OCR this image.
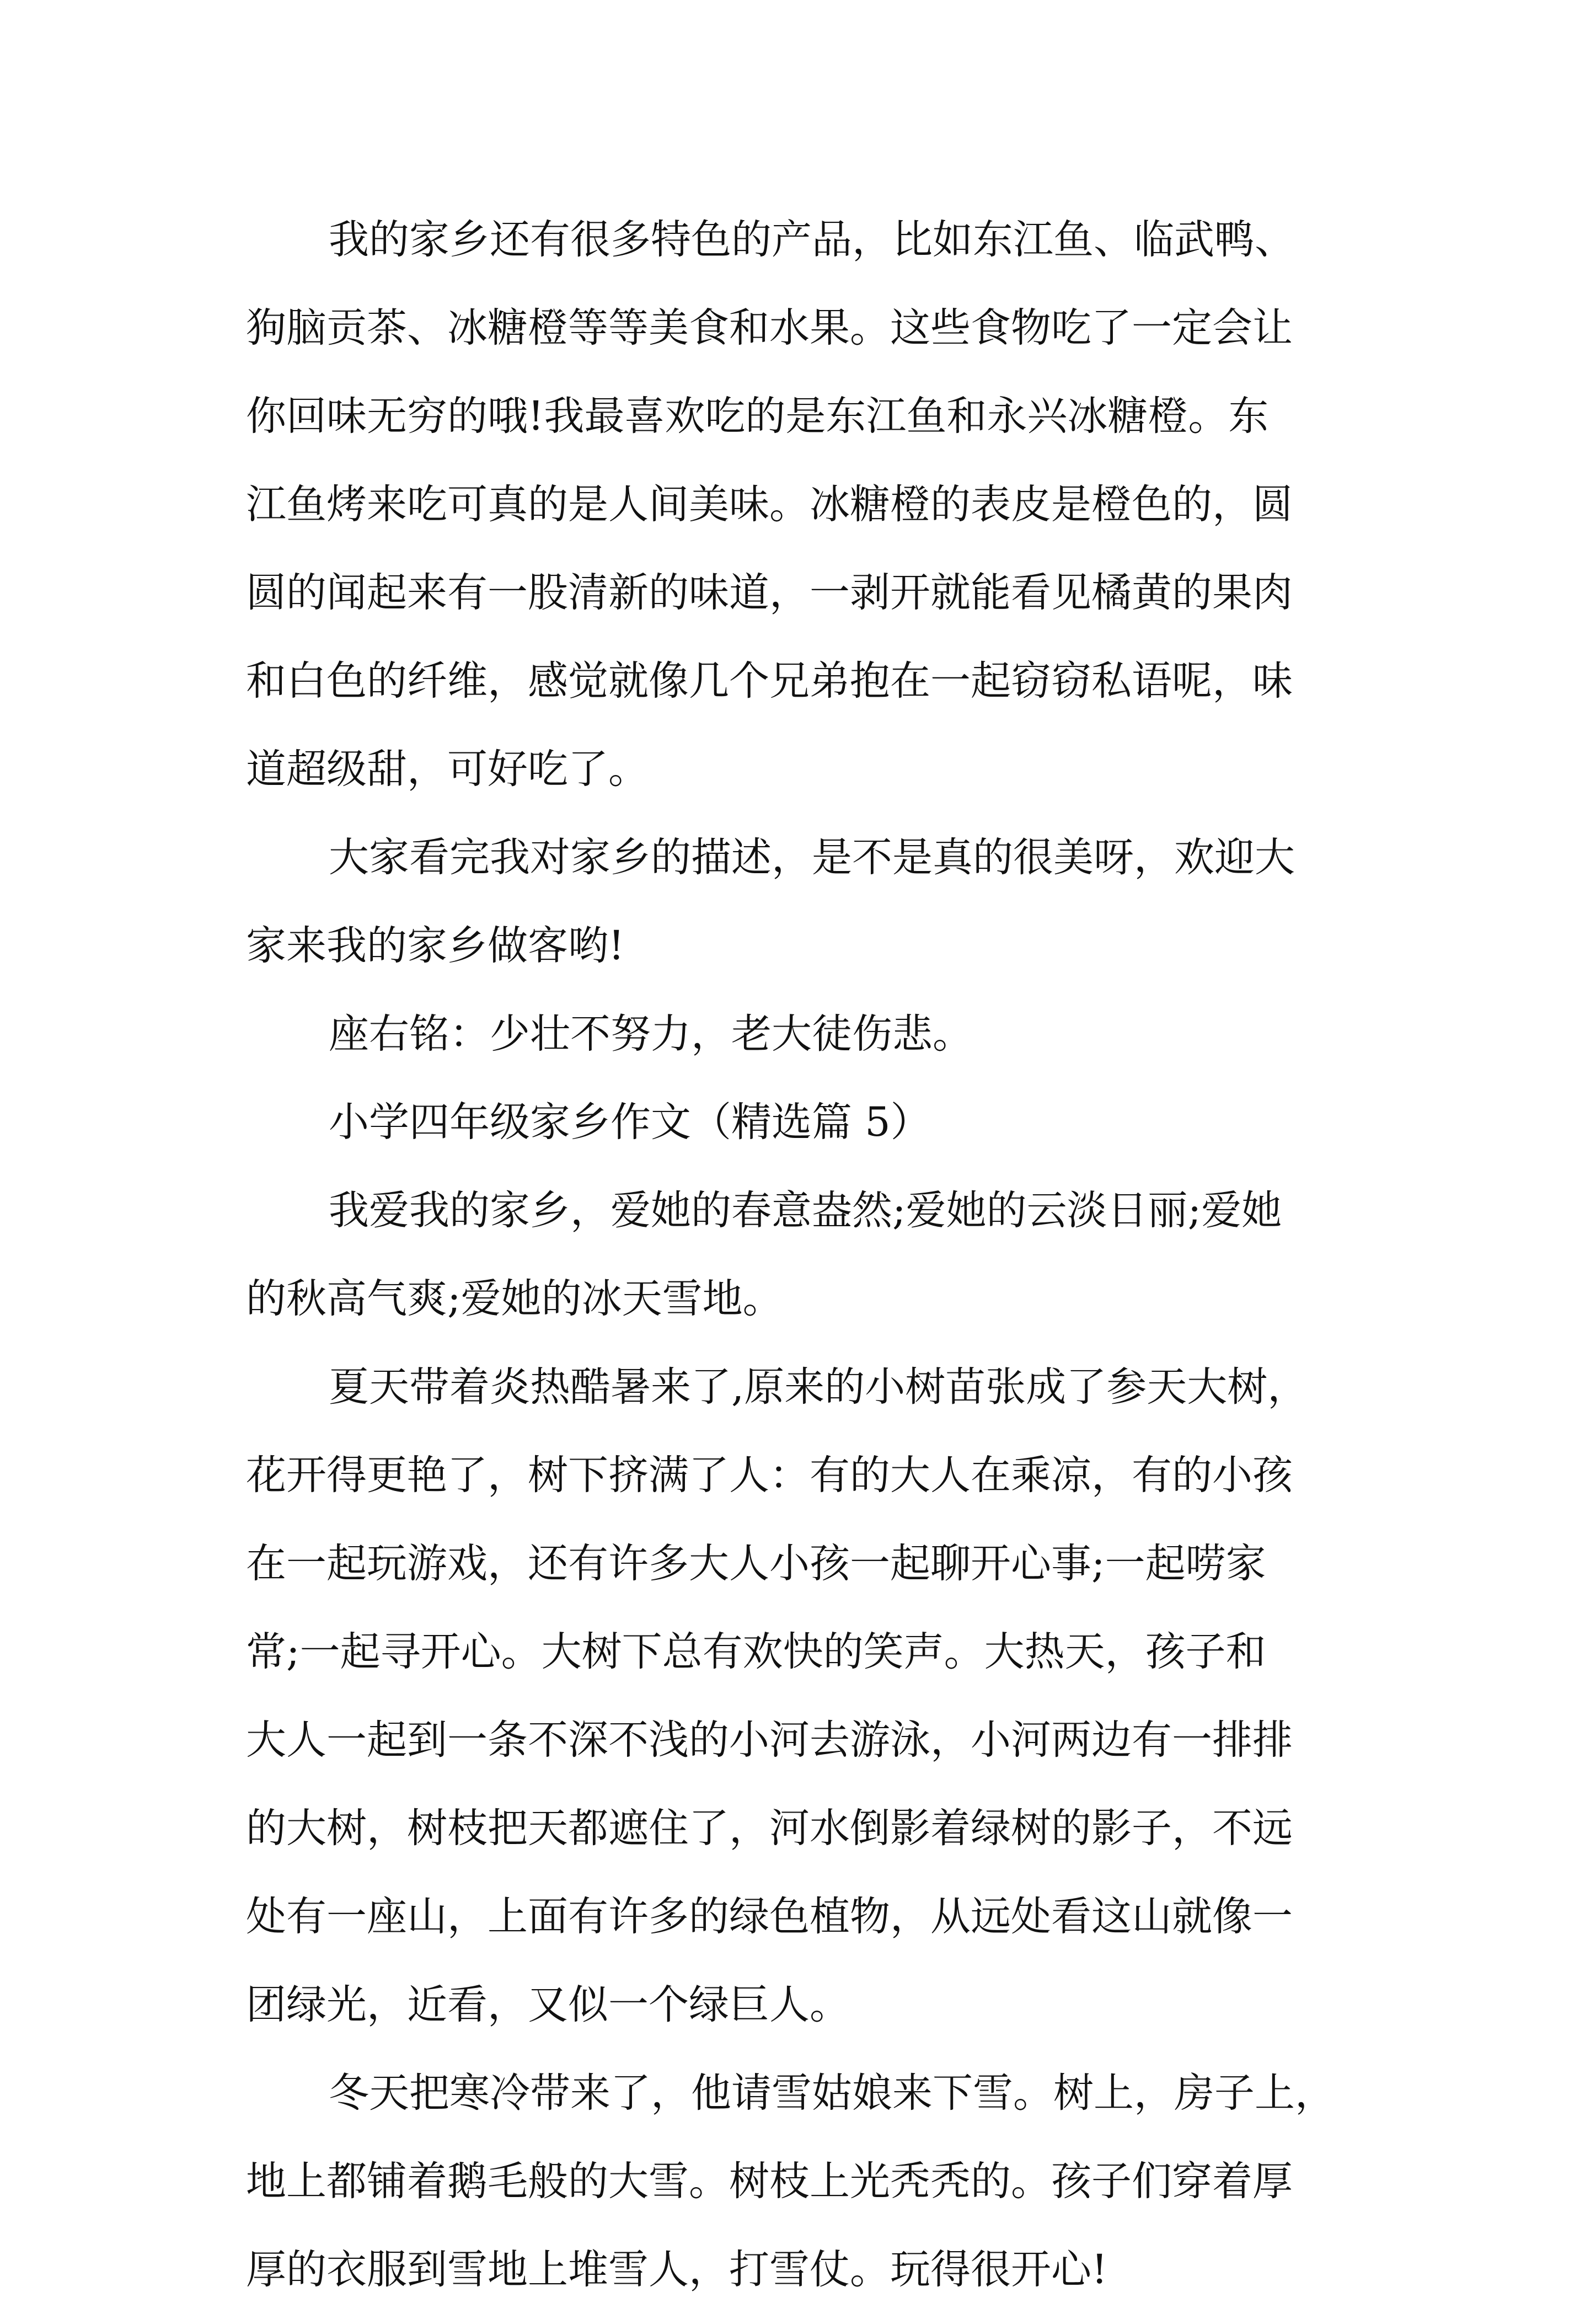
我的家乡还有很多特色的产品，比如东江鱼、临武鸭、
狗脑贡茶、冰糖橙等等美食和水果。这些食物吃了一定会让
你回味无穷的哦!我最喜欢吃的是东江鱼和永兴冰糖橙。东
江鱼烤来吃可真的是人间美味。冰糖橙的表皮是橙色的，圆
圆的闻起来有一股清新的味道，一剥开就能看见橘黄的果肉
和白色的纤维，感觉就像几个兄弟抱在一起窃窃私语呢，味
道超级甜，可好吃了。
大家看完我对家乡的描述，是不是真的很美呀，欢迎大
家来我的家乡做客哟!
座右铭：少壮不努力，老大徒伤悲。
小学四年级家乡作文（精选篇 5）
我爱我的家乡，爱她的春意盎然;爱她的云淡日丽;爱她
的秋高气爽;爱她的冰天雪地。
夏天带着炎热酷暑来了,原来的小树苗张成了参天大树，
花开得更艳了，树下挤满了人：有的大人在乘凉，有的小孩
在一起玩游戏，还有许多大人小孩一起聊开心事;一起唠家
常;一起寻开心。大树下总有欢快的笑声。大热天，孩子和
大人一起到一条不深不浅的小河去游泳，小河两边有一排排
的大树，树枝把天都遮住了，河水倒影着绿树的影子，不远
处有一座山，上面有许多的绿色植物，从远处看这山就像一
团绿光，近看，又似一个绿巨人。
冬天把寒冷带来了，他请雪姑娘来下雪。树上，房子上，
地上都铺着鹅毛般的大雪。树枝上光秃秃的。孩子们穿着厚
厚的衣服到雪地上堆雪人，打雪仗。玩得很开心!
